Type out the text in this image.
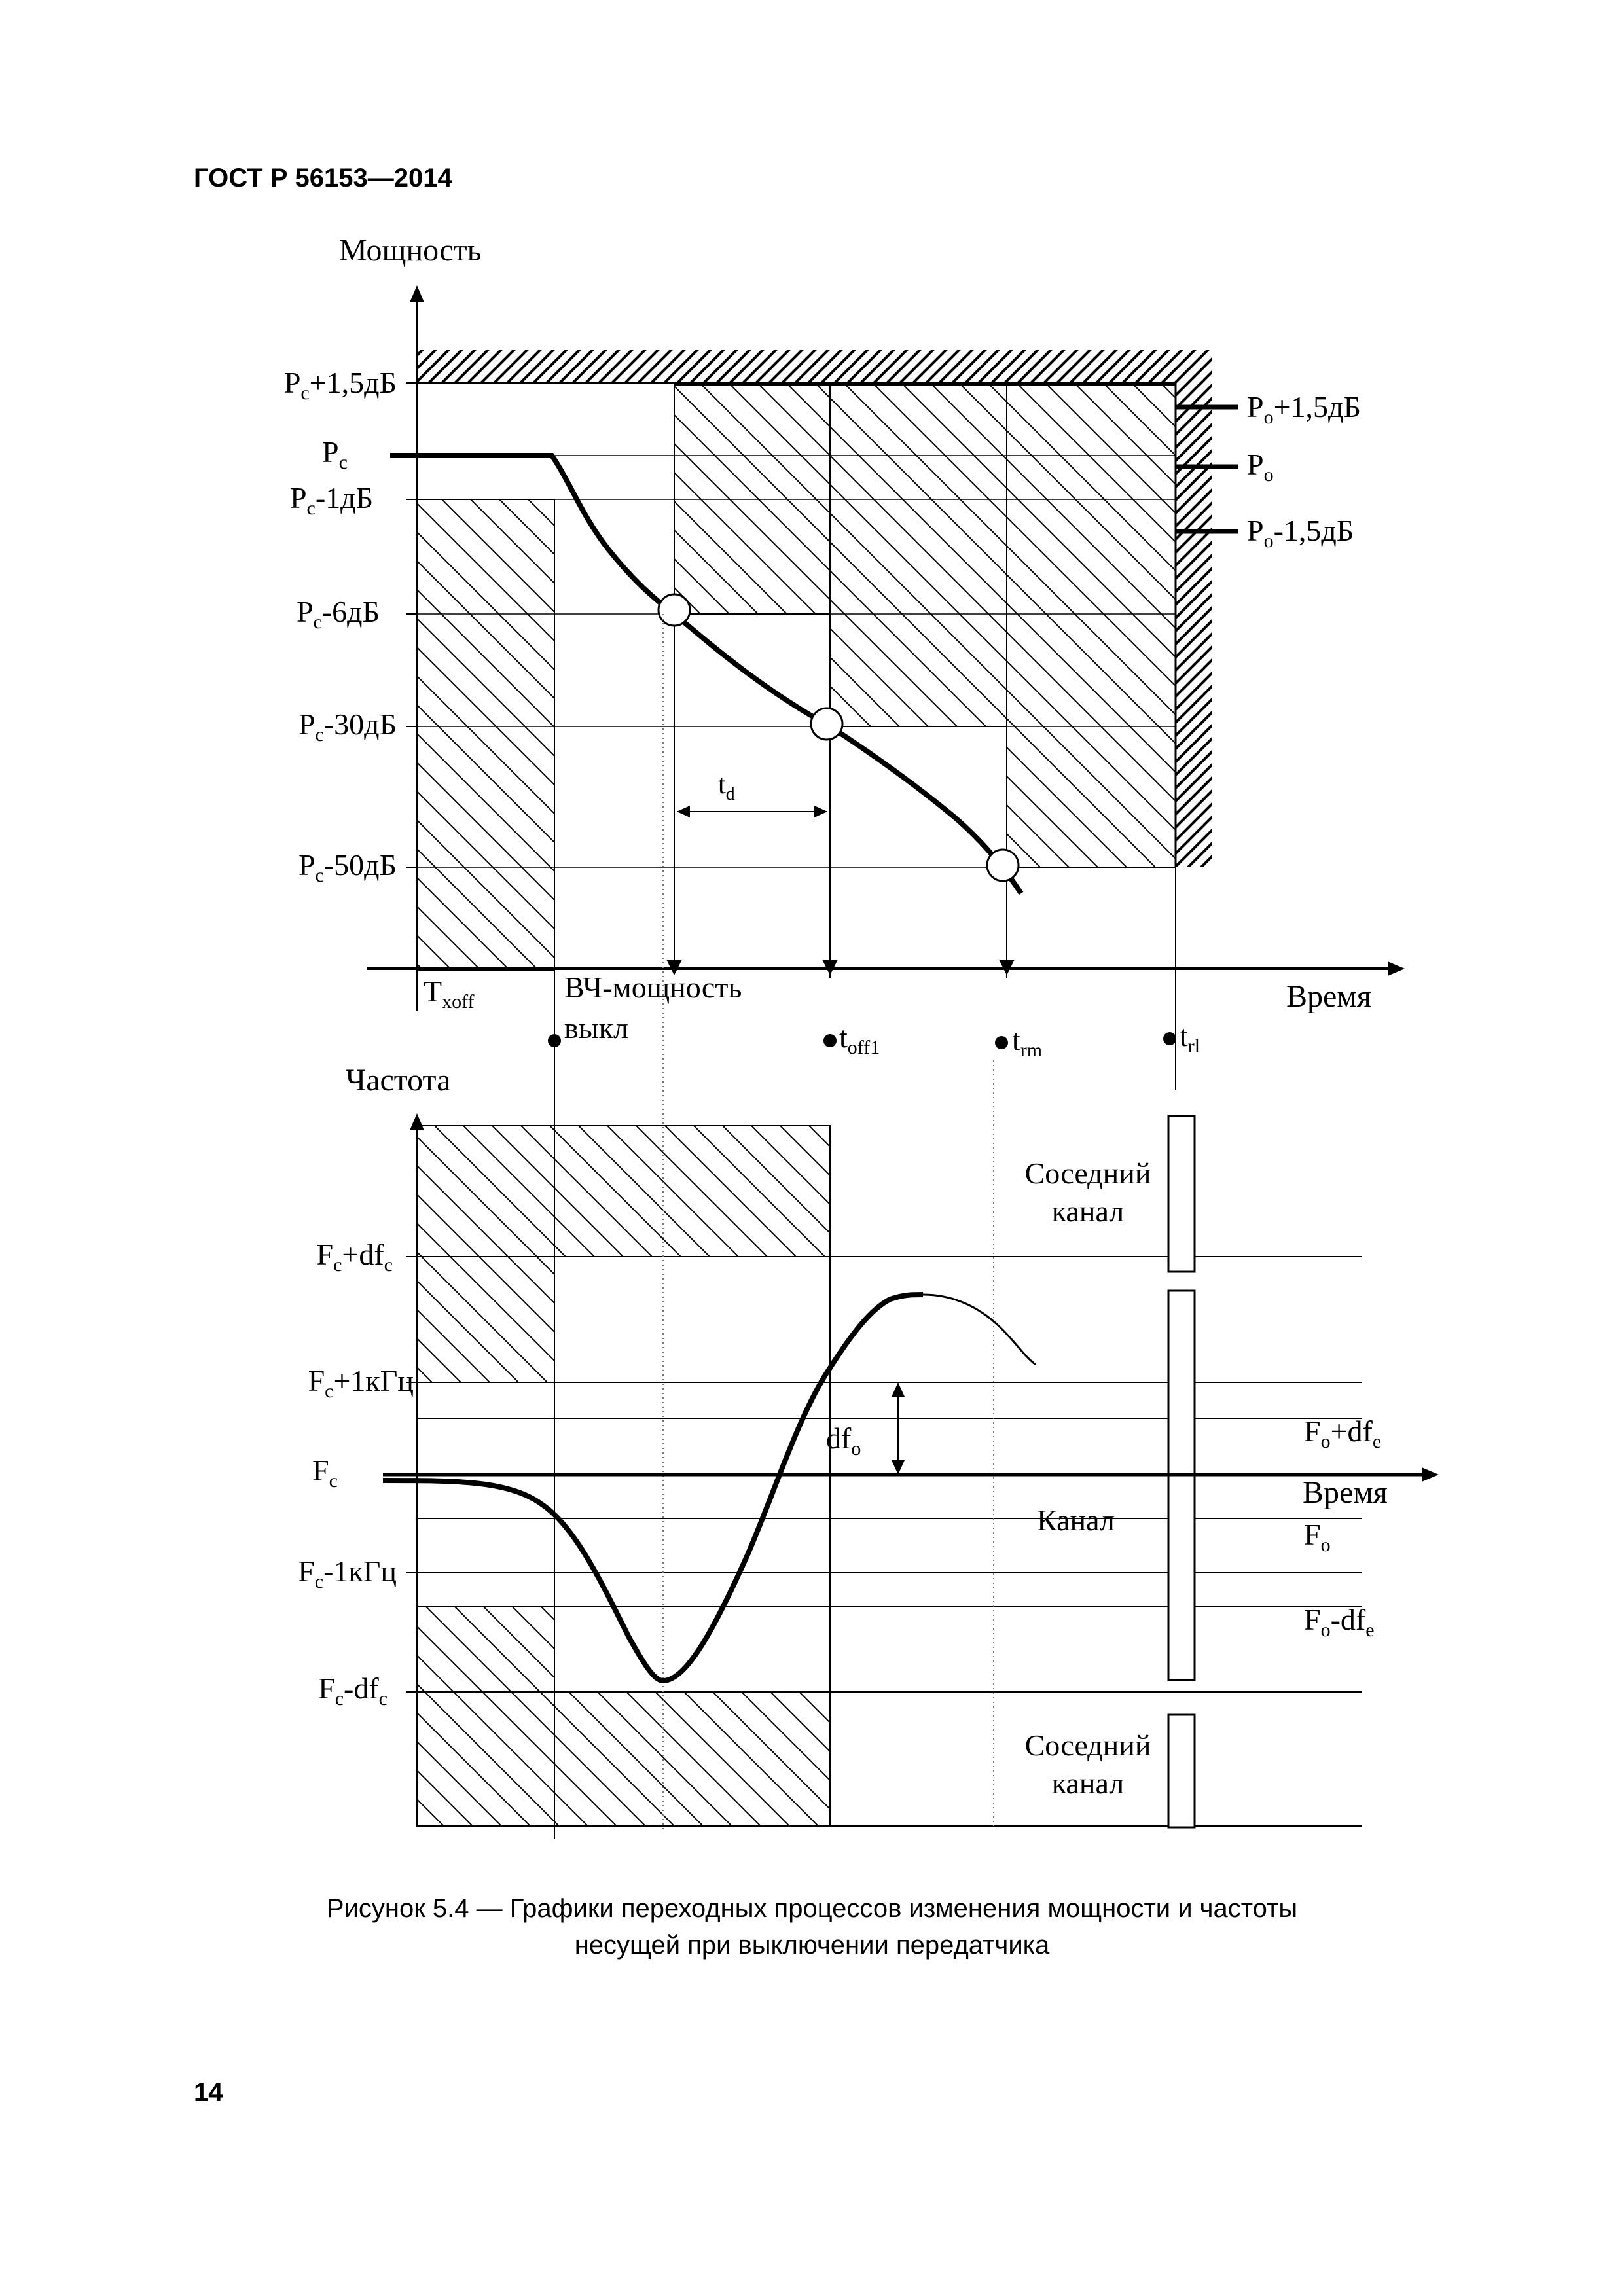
ГОСТ Р 56153—2014
Мощность
Время
$P_c+1,5дБ$
$P_c$
$P_c-1дБ$
$P_c-6дБ$
$P_c-30дБ$
$P_c-50дБ$
$P_o+1,5дБ$
$P_o$
$P_o-1,5дБ$
$t_d$
$T_{xoff}$	ВЧ-мощность
выкл	$t_{off1}$	$t_{rm}$	$t_{rl}$
Частота
Время
$F_c+df_c$
$F_c+1кГц$
$F_c$
$F_c-1кГц$
$F_c-df_c$
$F_o+df_e$
$F_o$
$F_o-df_e$
$df_o$
Соседний
канал
Канал
Соседний
канал
Рисунок 5.4 — Графики переходных процессов изменения мощности и частоты
несущей при выключении передатчика
14
